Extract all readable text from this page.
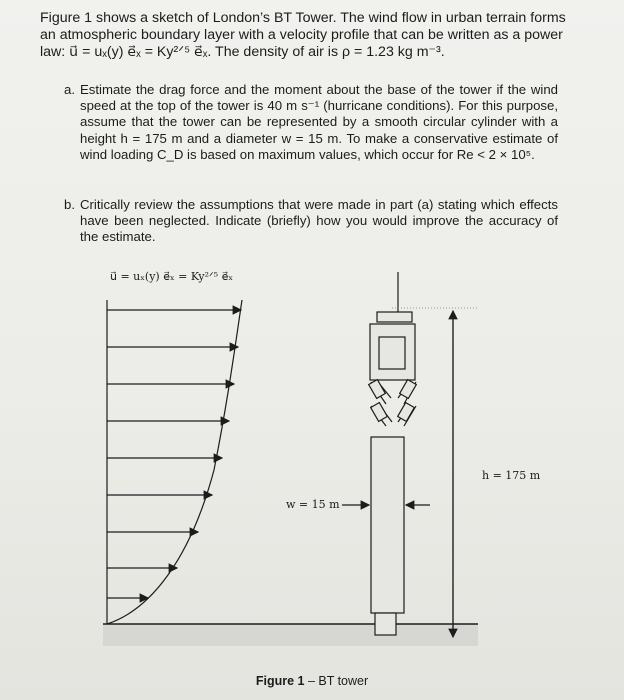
Figure 1 shows a sketch of London’s BT Tower. The wind flow in urban terrain forms
an atmospheric boundary layer with a velocity profile that can be written as a power
law: u⃗ = uₓ(y) e⃗ₓ = Ky²ᐟ⁵ e⃗ₓ. The density of air is ρ = 1.23 kg m⁻³.
a. Estimate the drag force and the moment about the base of the tower if the wind speed at the top of the tower is 40 m s⁻¹ (hurricane conditions). For this purpose, assume that the tower can be represented by a smooth circular cylinder with a height h = 175 m and a diameter w = 15 m. To make a conservative estimate of wind loading C_D is based on maximum values, which occur for Re < 2 × 10⁵.
b. Critically review the assumptions that were made in part (a) stating which effects have been neglected. Indicate (briefly) how you would improve the accuracy of the estimate.
u⃗ = uₓ(y) e⃗ₓ = Ky²ᐟ⁵ e⃗ₓ
w = 15 m
h = 175 m
Figure 1 – BT tower
